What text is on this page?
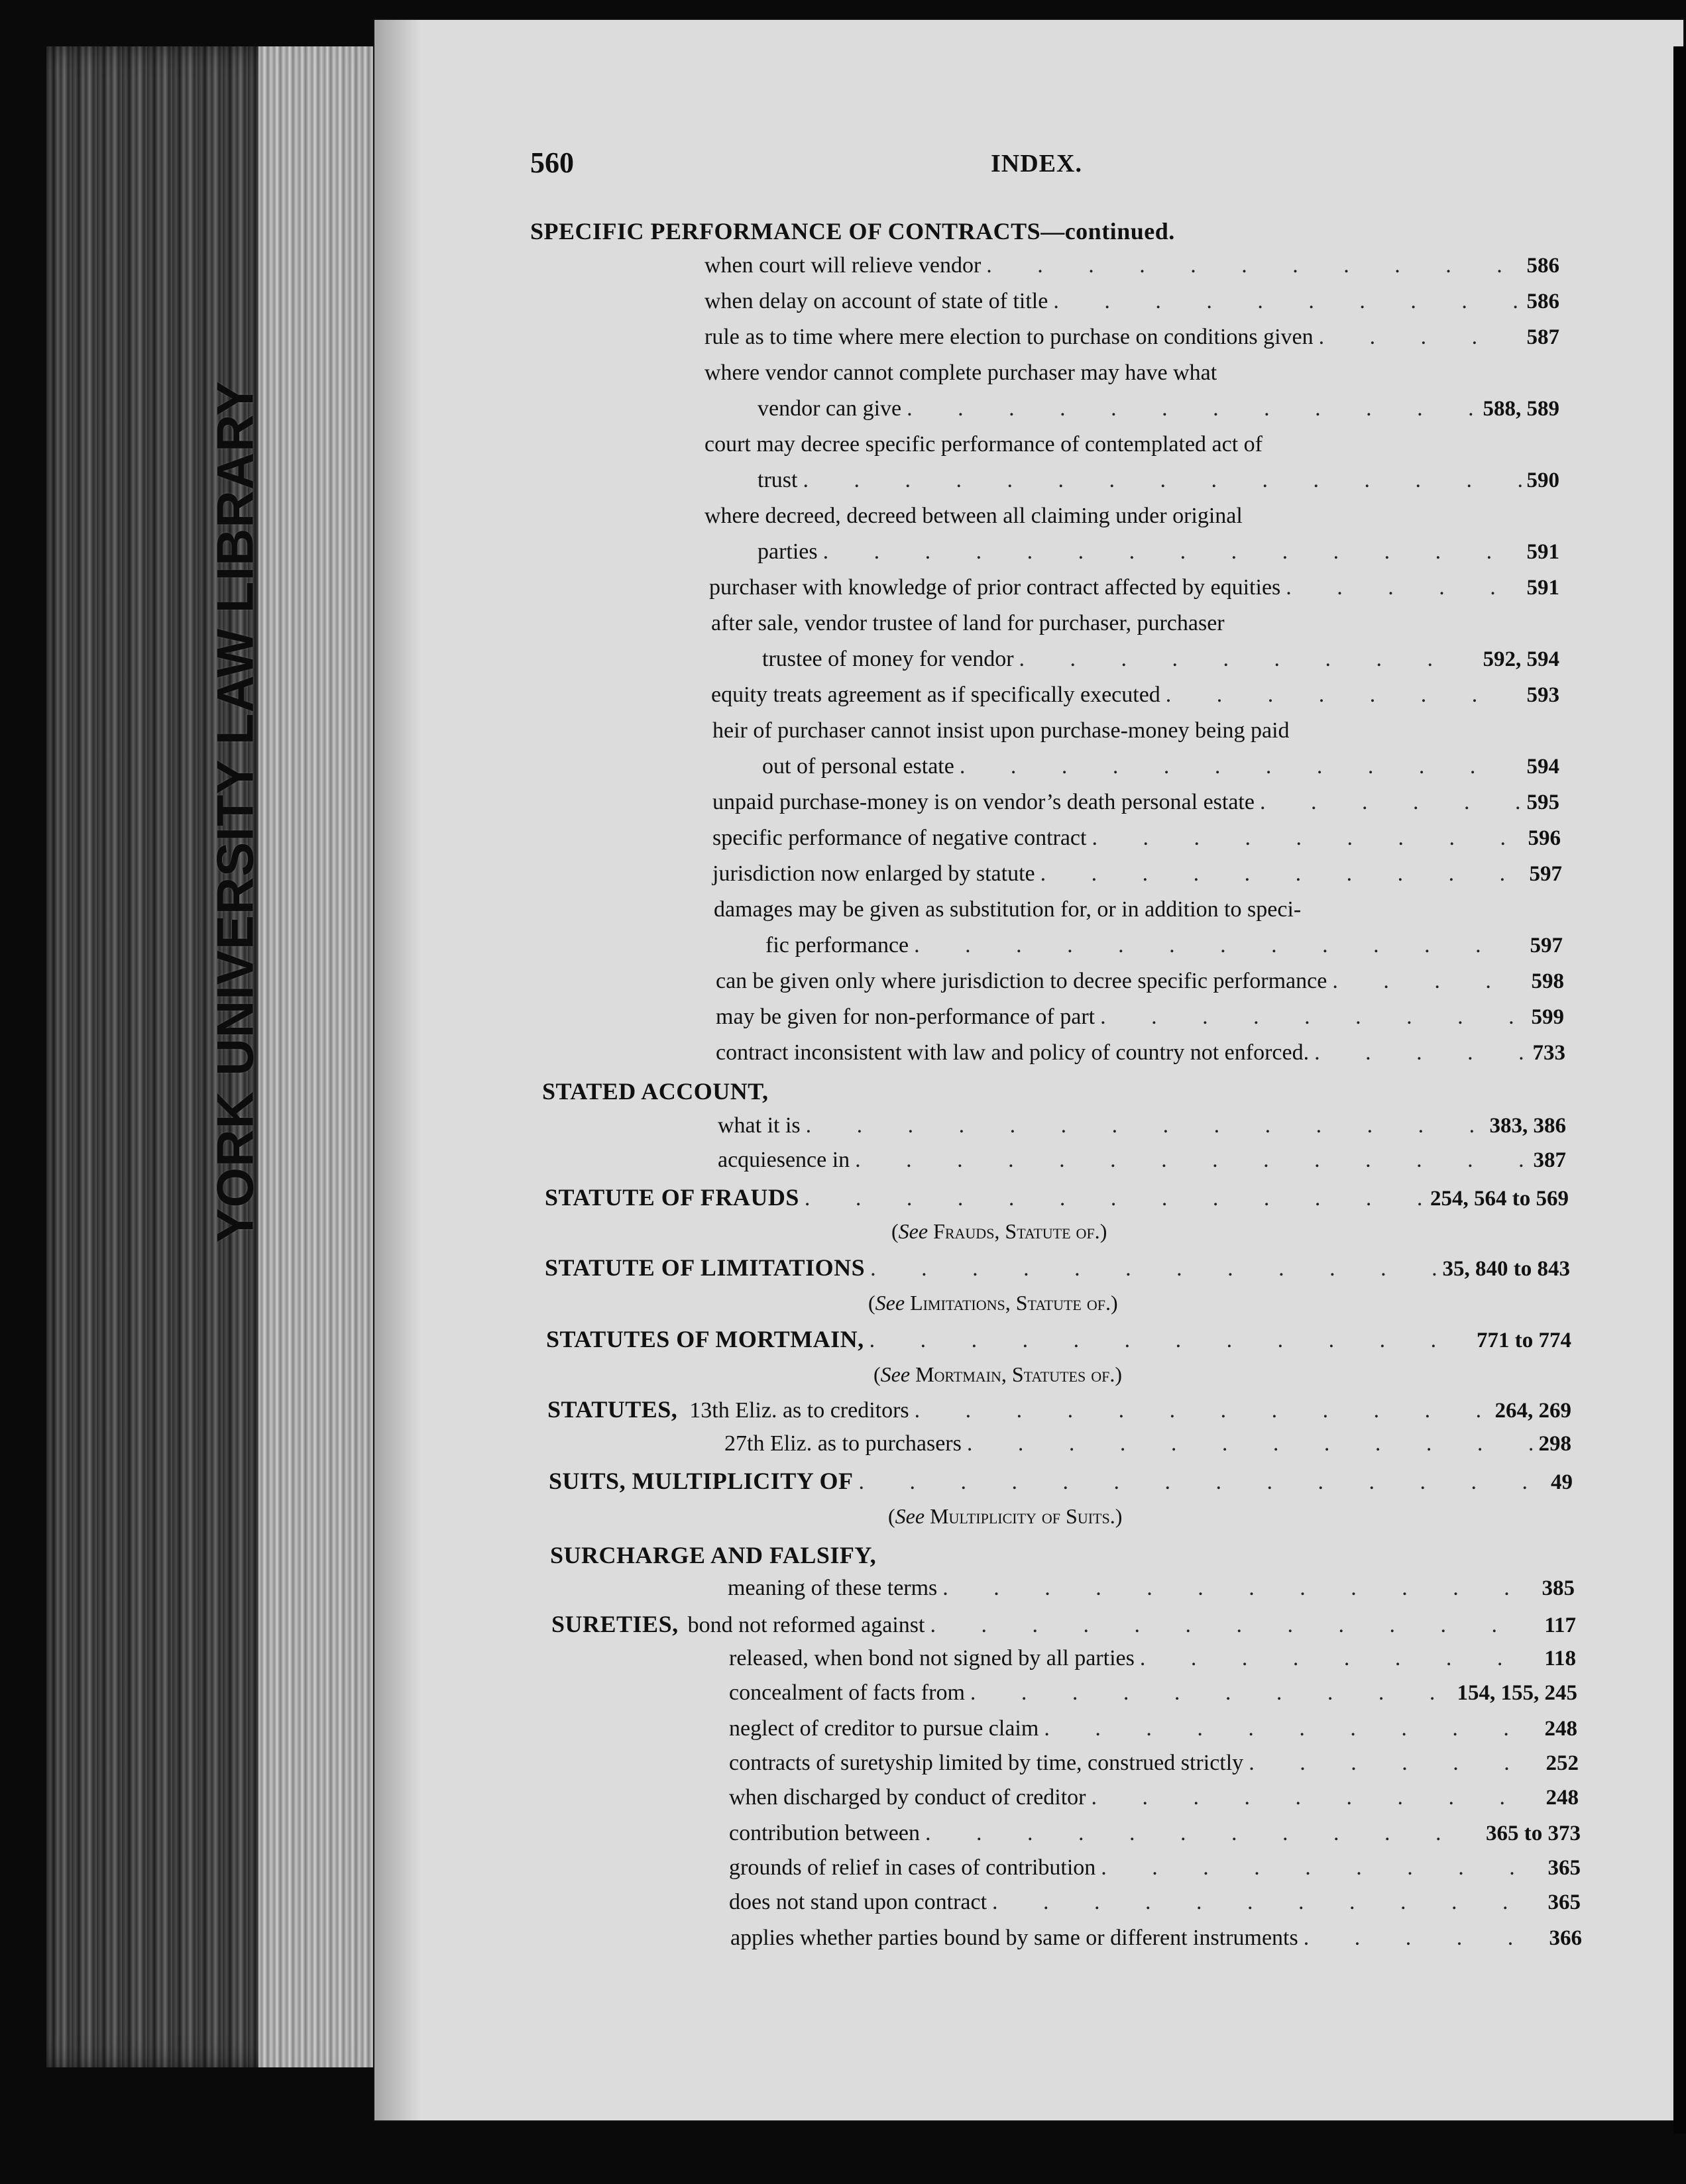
YORK UNIVERSITY LAW LIBRARY
560	INDEX.
SPECIFIC PERFORMANCE OF CONTRACTS—continued.
when court will relieve vendor . . .	586
when delay on account of state of title . . .	586
rule as to time where mere election to purchase on conditions given . . .	587
where vendor cannot complete purchaser may have what
vendor can give . . .	588, 589
court may decree specific performance of contemplated act of
trust . . .	590
where decreed, decreed between all claiming under original
parties . . .	591
purchaser with knowledge of prior contract affected by equities . . .	591
after sale, vendor trustee of land for purchaser, purchaser
trustee of money for vendor . . .	592, 594
equity treats agreement as if specifically executed . . .	593
heir of purchaser cannot insist upon purchase-money being paid
out of personal estate . . .	594
unpaid purchase-money is on vendor’s death personal estate . . .	595
specific performance of negative contract . . .	596
jurisdiction now enlarged by statute . . .	597
damages may be given as substitution for, or in addition to speci-
fic performance . . .	597
can be given only where jurisdiction to decree specific performance . . .	598
may be given for non-performance of part . . .	599
contract inconsistent with law and policy of country not enforced. . . .	733
STATED ACCOUNT,
what it is . . .	383, 386
acquiesence in . . .	387
STATUTE OF FRAUDS . . .	254, 564 to 569
(See Frauds, Statute of.)
STATUTE OF LIMITATIONS . . .	35, 840 to 843
(See Limitations, Statute of.)
STATUTES OF MORTMAIN, . . .	771 to 774
(See Mortmain, Statutes of.)
STATUTES, 13th Eliz. as to creditors . . .	264, 269
27th Eliz. as to purchasers . . .	298
SUITS, MULTIPLICITY OF . . .	49
(See Multiplicity of Suits.)
SURCHARGE AND FALSIFY,
meaning of these terms . . .	385
SURETIES, bond not reformed against . . .	117
released, when bond not signed by all parties . . .	118
concealment of facts from . . .	154, 155, 245
neglect of creditor to pursue claim . . .	248
contracts of suretyship limited by time, construed strictly . . .	252
when discharged by conduct of creditor . . .	248
contribution between . . .	365 to 373
grounds of relief in cases of contribution . . .	365
does not stand upon contract . . .	365
applies whether parties bound by same or different instruments . . .	366
